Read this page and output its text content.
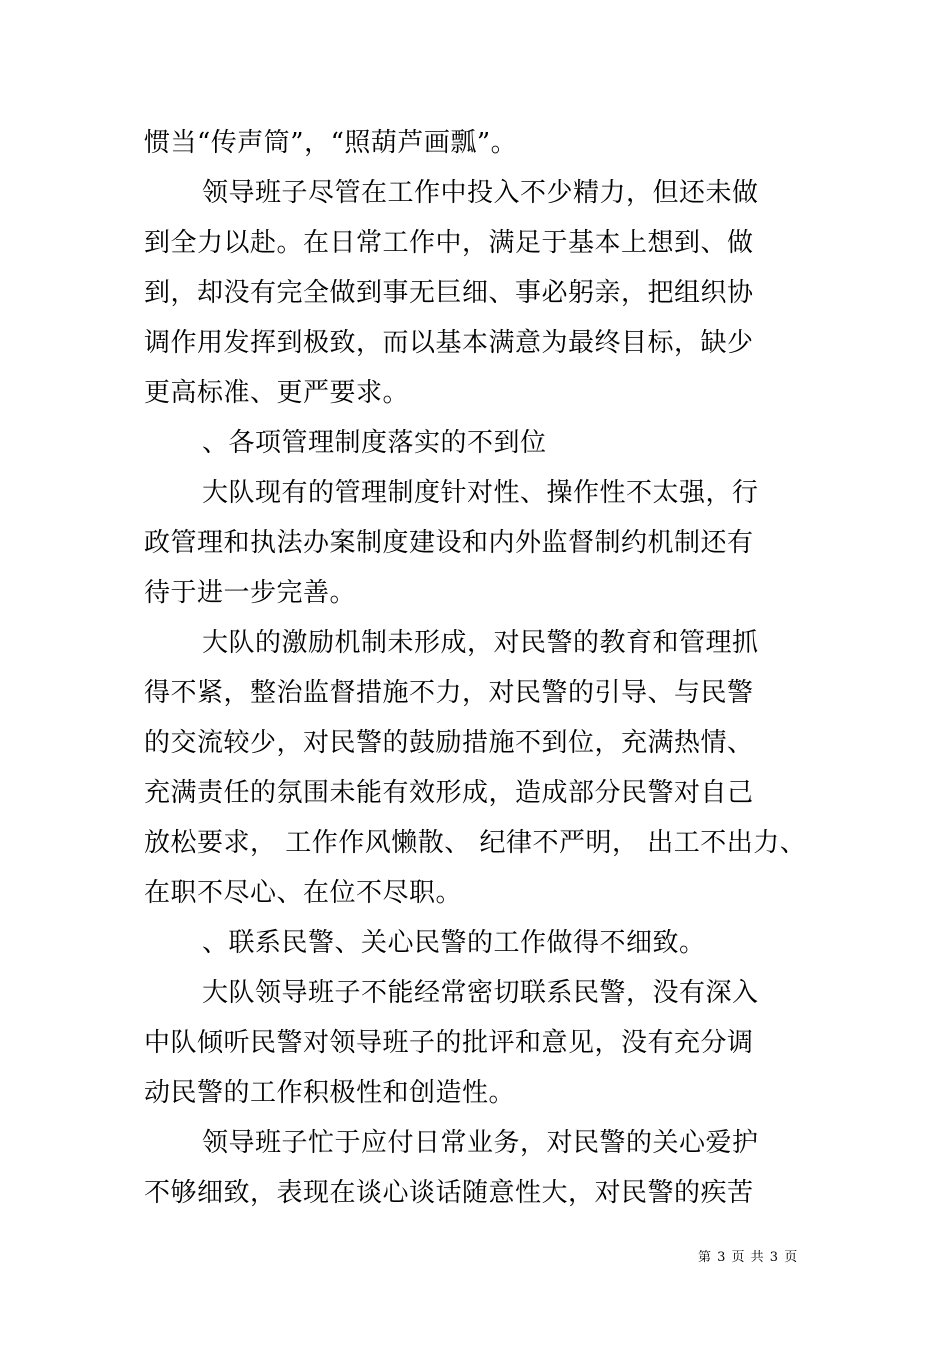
惯当“传声筒”，“照葫芦画瓢”。
领导班子尽管在工作中投入不少精力，但还未做
到全力以赴。在日常工作中，满足于基本上想到、做
到，却没有完全做到事无巨细、事必躬亲，把组织协
调作用发挥到极致，而以基本满意为最终目标，缺少
更高标准、更严要求。
、各项管理制度落实的不到位
大队现有的管理制度针对性、操作性不太强，行
政管理和执法办案制度建设和内外监督制约机制还有
待于进一步完善。
大队的激励机制未形成，对民警的教育和管理抓
得不紧，整治监督措施不力，对民警的引导、与民警
的交流较少，对民警的鼓励措施不到位，充满热情、
充满责任的氛围未能有效形成，造成部分民警对自己
放松要求， 工作作风懒散、 纪律不严明， 出工不出力、
在职不尽心、在位不尽职。
、联系民警、关心民警的工作做得不细致。
大队领导班子不能经常密切联系民警，没有深入
中队倾听民警对领导班子的批评和意见，没有充分调
动民警的工作积极性和创造性。
领导班子忙于应付日常业务，对民警的关心爱护
不够细致，表现在谈心谈话随意性大，对民警的疾苦
第 3 页 共 3 页
